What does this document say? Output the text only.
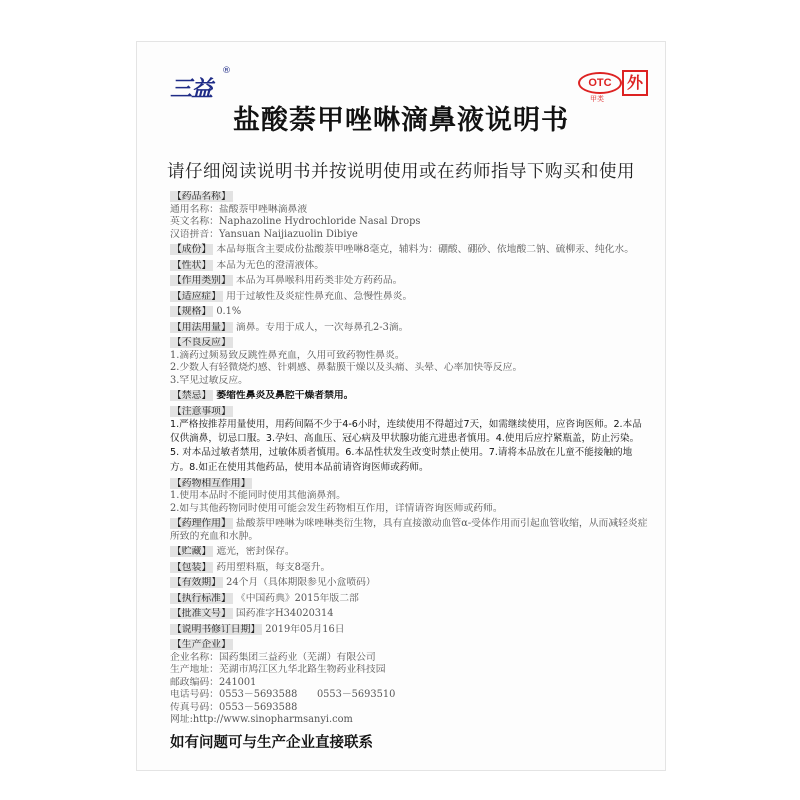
三益
®
OTC 外
甲类
盐酸萘甲唑啉滴鼻液说明书
请仔细阅读说明书并按说明使用或在药师指导下购买和使用
【药品名称】
通用名称：盐酸萘甲唑啉滴鼻液
英文名称：Naphazoline Hydrochloride Nasal Drops
汉语拼音：Yansuan Naijiazuolin Dibiye
【成份】 本品每瓶含主要成份盐酸萘甲唑啉8毫克，辅料为：硼酸、硼砂、依地酸二钠、硫柳汞、纯化水。
【性状】 本品为无色的澄清液体。
【作用类别】 本品为耳鼻喉科用药类非处方药药品。
【适应症】 用于过敏性及炎症性鼻充血、急慢性鼻炎。
【规格】 0.1%
【用法用量】 滴鼻。专用于成人，一次每鼻孔2-3滴。
【不良反应】
1.滴药过频易致反跳性鼻充血，久用可致药物性鼻炎。
2.少数人有轻微烧灼感、针刺感、鼻黏膜干燥以及头痛、头晕、心率加快等反应。
3.罕见过敏反应。
【禁忌】 萎缩性鼻炎及鼻腔干燥者禁用。
【注意事项】
1.严格按推荐用量使用，用药间隔不少于4-6小时，连续使用不得超过7天，如需继续使用，应咨询医师。2.本品仅供滴鼻，切忌口服。3.孕妇、高血压、冠心病及甲状腺功能亢进患者慎用。4.使用后应拧紧瓶盖，防止污染。5. 对本品过敏者禁用，过敏体质者慎用。6.本品性状发生改变时禁止使用。7.请将本品放在儿童不能接触的地方。8.如正在使用其他药品，使用本品前请咨询医师或药师。
【药物相互作用】
1.使用本品时不能同时使用其他滴鼻剂。
2.如与其他药物同时使用可能会发生药物相互作用，详情请咨询医师或药师。
【药理作用】 盐酸萘甲唑啉为咪唑啉类衍生物，具有直接激动血管α-受体作用而引起血管收缩，从而减轻炎症所致的充血和水肿。
【贮藏】 遮光，密封保存。
【包装】 药用塑料瓶，每支8毫升。
【有效期】 24个月（具体期限参见小盒喷码）
【执行标准】 《中国药典》2015年版二部
【批准文号】 国药准字H34020314
【说明书修订日期】 2019年05月16日
【生产企业】
企业名称：国药集团三益药业（芜湖）有限公司
生产地址：芜湖市鸠江区九华北路生物药业科技园
邮政编码：241001
电话号码：0553－5693588　　0553－5693510
传真号码：0553－5693588
网址:http://www.sinopharmsanyi.com
如有问题可与生产企业直接联系
